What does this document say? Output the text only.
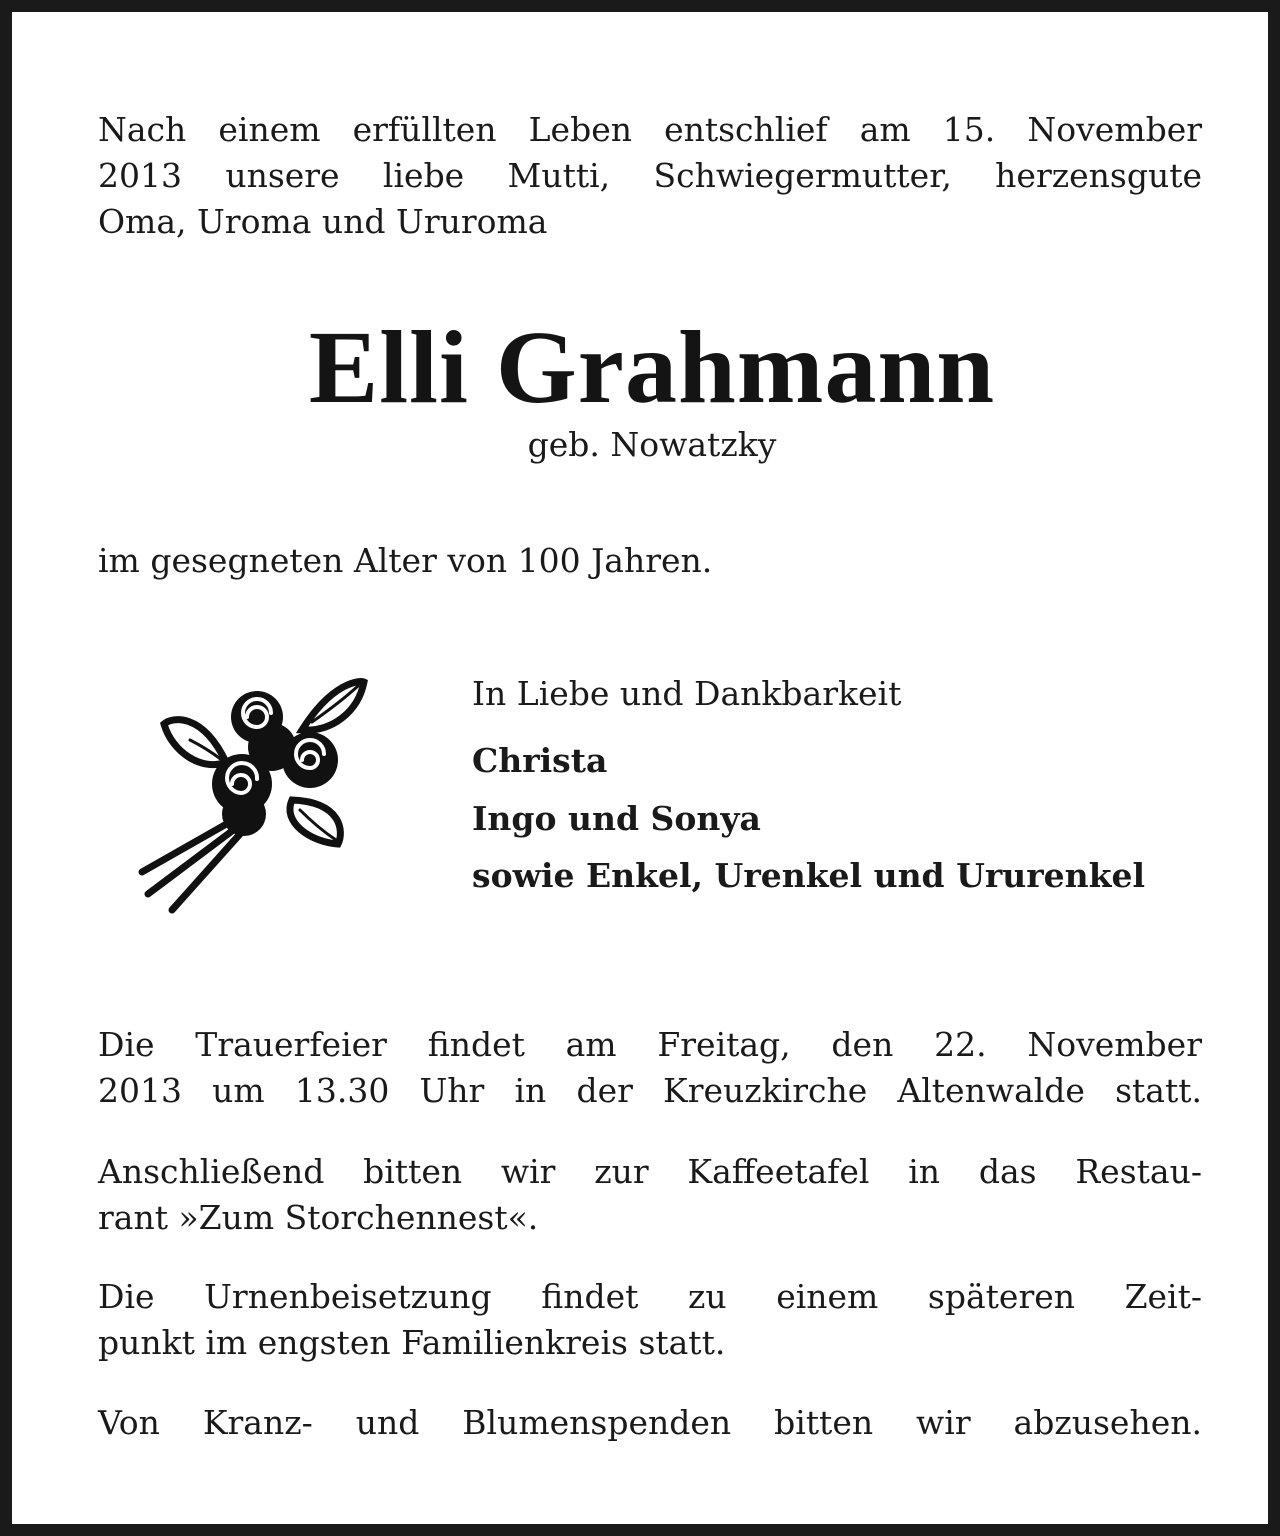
Nach einem erfüllten Leben entschlief am 15. November
2013 unsere liebe Mutti, Schwiegermutter, herzensgute
Oma, Uroma und Ururoma
Elli Grahmann
geb. Nowatzky
im gesegneten Alter von 100 Jahren.
In Liebe und Dankbarkeit
Christa
Ingo und Sonya
sowie Enkel, Urenkel und Ururenkel
Die Trauerfeier findet am Freitag, den 22. November
2013 um 13.30 Uhr in der Kreuzkirche Altenwalde statt.
Anschließend bitten wir zur Kaffeetafel in das Restau-
rant »Zum Storchennest«.
Die Urnenbeisetzung findet zu einem späteren Zeit-
punkt im engsten Familienkreis statt.
Von Kranz- und Blumenspenden bitten wir abzusehen.
